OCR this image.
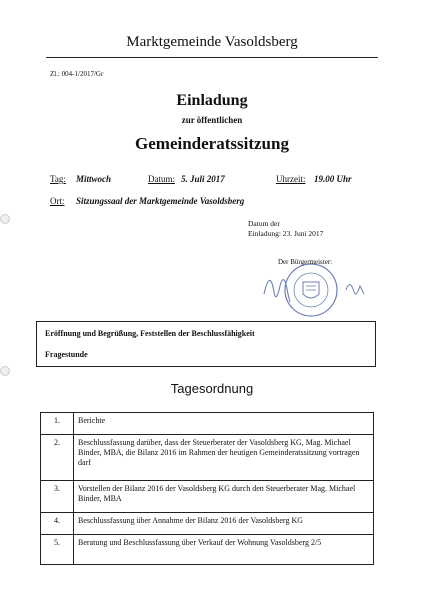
Marktgemeinde Vasoldsberg
Zl.: 004-1/2017/Gr
Einladung
zur öffentlichen
Gemeinderatssitzung
Tag: Mittwoch	Datum: 5. Juli 2017	Uhrzeit: 19.00 Uhr
Ort: Sitzungssaal der Marktgemeinde Vasoldsberg
Datum der
Einladung: 23. Juni 2017
Der Bürgermeister:
Eröffnung und Begrüßung, Feststellen der Beschlussfähigkeit
Fragestunde
Tagesordnung
1.	Berichte
2.	Beschlussfassung darüber, dass der Steuerberater der Vasoldsberg KG, Mag. Michael Binder, MBA, die Bilanz 2016 im Rahmen der heutigen Gemeinderatssitzung vortragen darf
3.	Vorstellen der Bilanz 2016 der Vasoldsberg KG durch den Steuerberater Mag. Michael Binder, MBA
4.	Beschlussfassung über Annahme der Bilanz 2016 der Vasoldsberg KG
5.	Beratung und Beschlussfassung über Verkauf der Wohnung Vasoldsberg 2/5
